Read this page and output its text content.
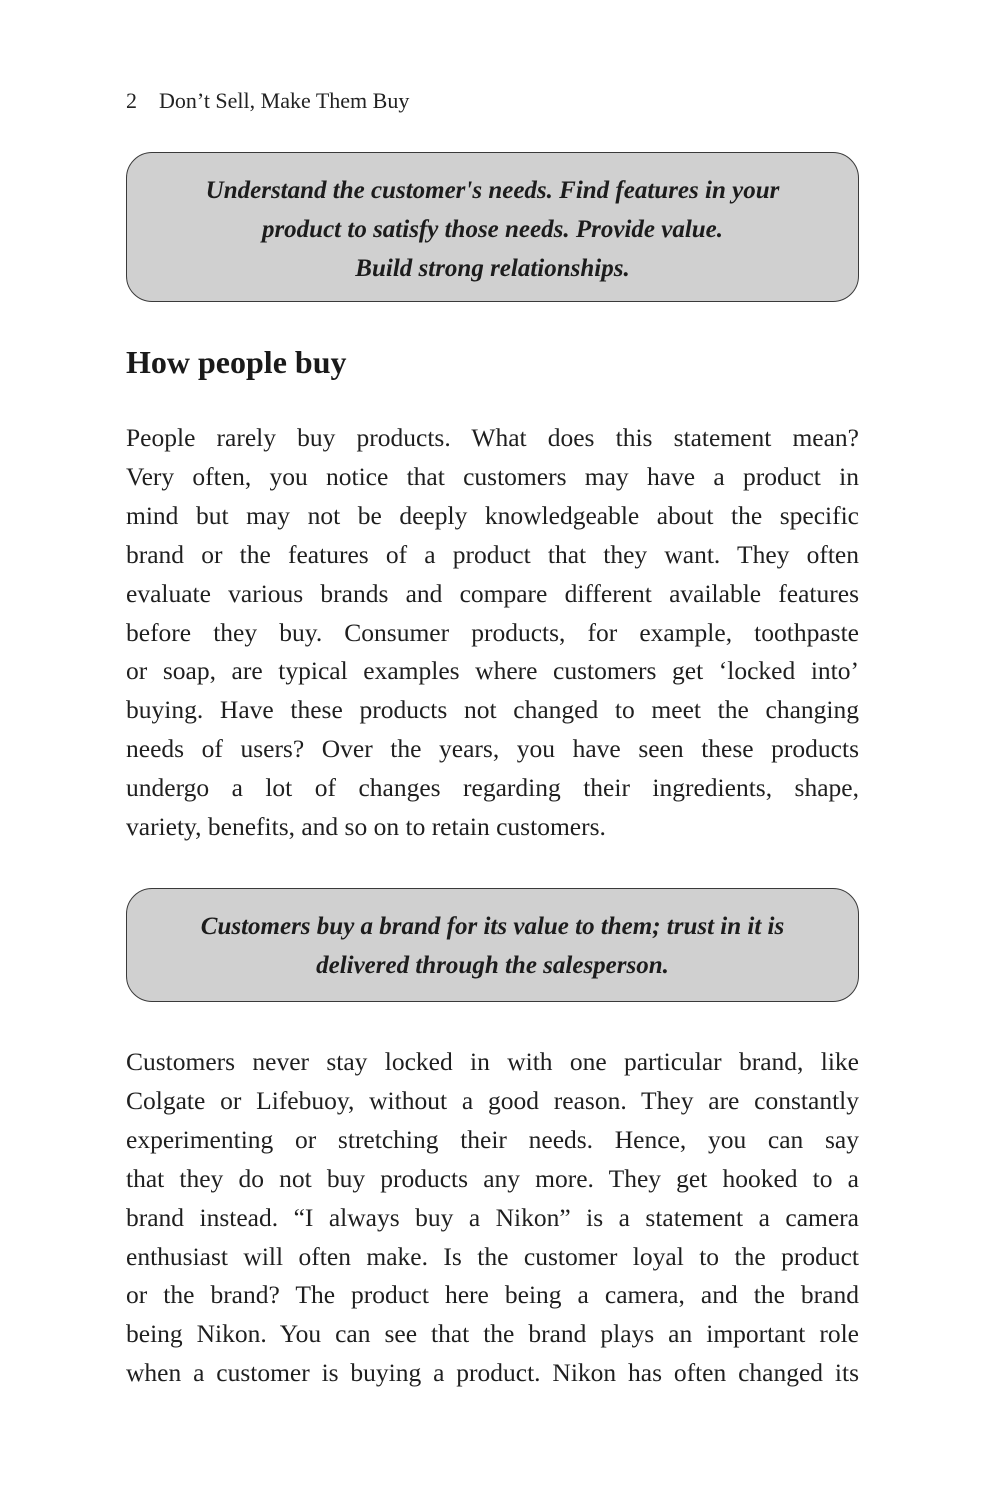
2 Don’t Sell, Make Them Buy
Understand the customer's needs. Find features in your
product to satisfy those needs. Provide value.
Build strong relationships.
How people buy

People rarely buy products. What does this statement mean?
Very often, you notice that customers may have a product in
mind but may not be deeply knowledgeable about the specific
brand or the features of a product that they want. They often
evaluate various brands and compare different available features
before they buy. Consumer products, for example, toothpaste
or soap, are typical examples where customers get ‘locked into’
buying. Have these products not changed to meet the changing
needs of users? Over the years, you have seen these products
undergo a lot of changes regarding their ingredients, shape,
variety, benefits, and so on to retain customers.

Customers buy a brand for its value to them; trust in it is
delivered through the salesperson.

Customers never stay locked in with one particular brand, like
Colgate or Lifebuoy, without a good reason. They are constantly
experimenting or stretching their needs. Hence, you can say
that they do not buy products any more. They get hooked to a
brand instead. “I always buy a Nikon” is a statement a camera
enthusiast will often make. Is the customer loyal to the product
or the brand? The product here being a camera, and the brand
being Nikon. You can see that the brand plays an important role
when a customer is buying a product. Nikon has often changed its
